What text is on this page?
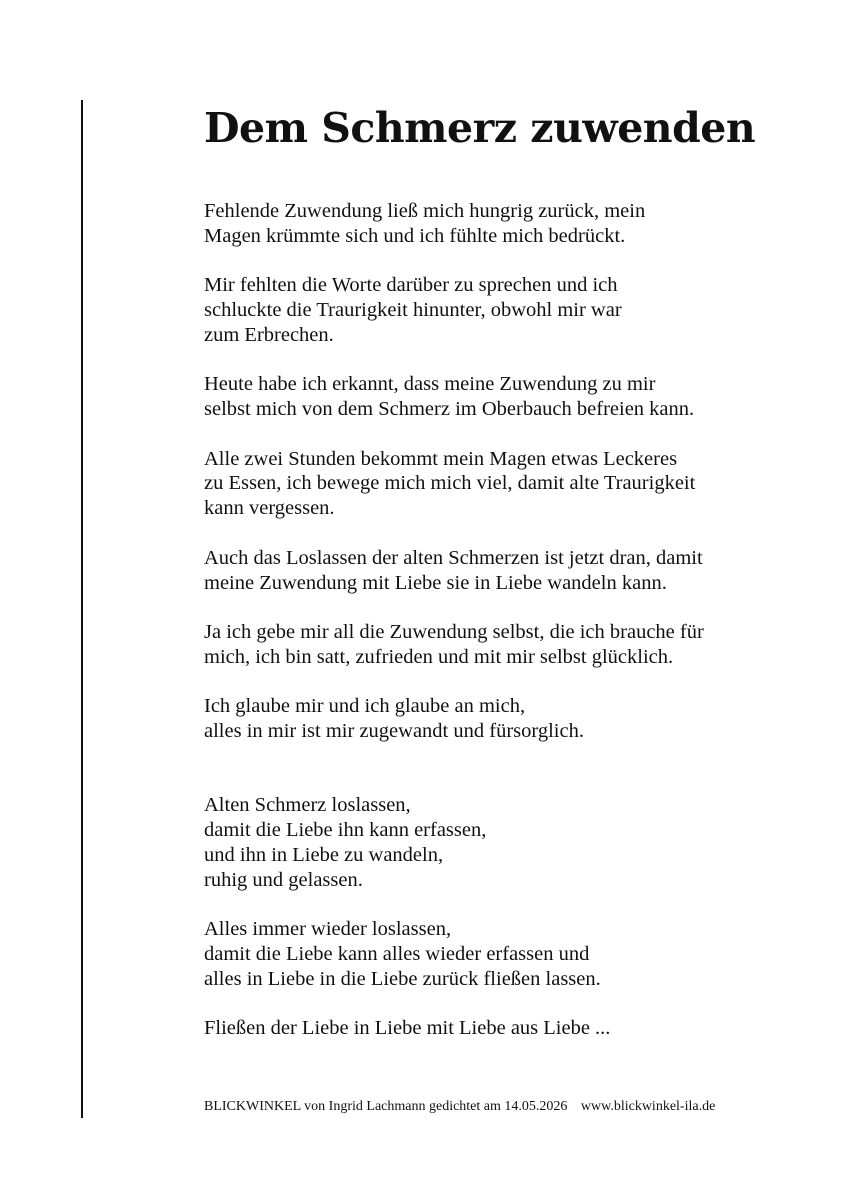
Dem Schmerz zuwenden

Fehlende Zuwendung ließ mich hungrig zurück, mein
Magen krümmte sich und ich fühlte mich bedrückt.

Mir fehlten die Worte darüber zu sprechen und ich
schluckte die Traurigkeit hinunter, obwohl mir war
zum Erbrechen.

Heute habe ich erkannt, dass meine Zuwendung zu mir
selbst mich von dem Schmerz im Oberbauch befreien kann.

Alle zwei Stunden bekommt mein Magen etwas Leckeres
zu Essen, ich bewege mich mich viel, damit alte Traurigkeit
kann vergessen.

Auch das Loslassen der alten Schmerzen ist jetzt dran, damit
meine Zuwendung mit Liebe sie in Liebe wandeln kann.

Ja ich gebe mir all die Zuwendung selbst, die ich brauche für
mich, ich bin satt, zufrieden und mit mir selbst glücklich.

Ich glaube mir und ich glaube an mich,
alles in mir ist mir zugewandt und fürsorglich.

Alten Schmerz loslassen,
damit die Liebe ihn kann erfassen,
und ihn in Liebe zu wandeln,
ruhig und gelassen.

Alles immer wieder loslassen,
damit die Liebe kann alles wieder erfassen und
alles in Liebe in die Liebe zurück fließen lassen.

Fließen der Liebe in Liebe mit Liebe aus Liebe ...

BLICKWINKEL von Ingrid Lachmann gedichtet am 14.05.2026 www.blickwinkel-ila.de
